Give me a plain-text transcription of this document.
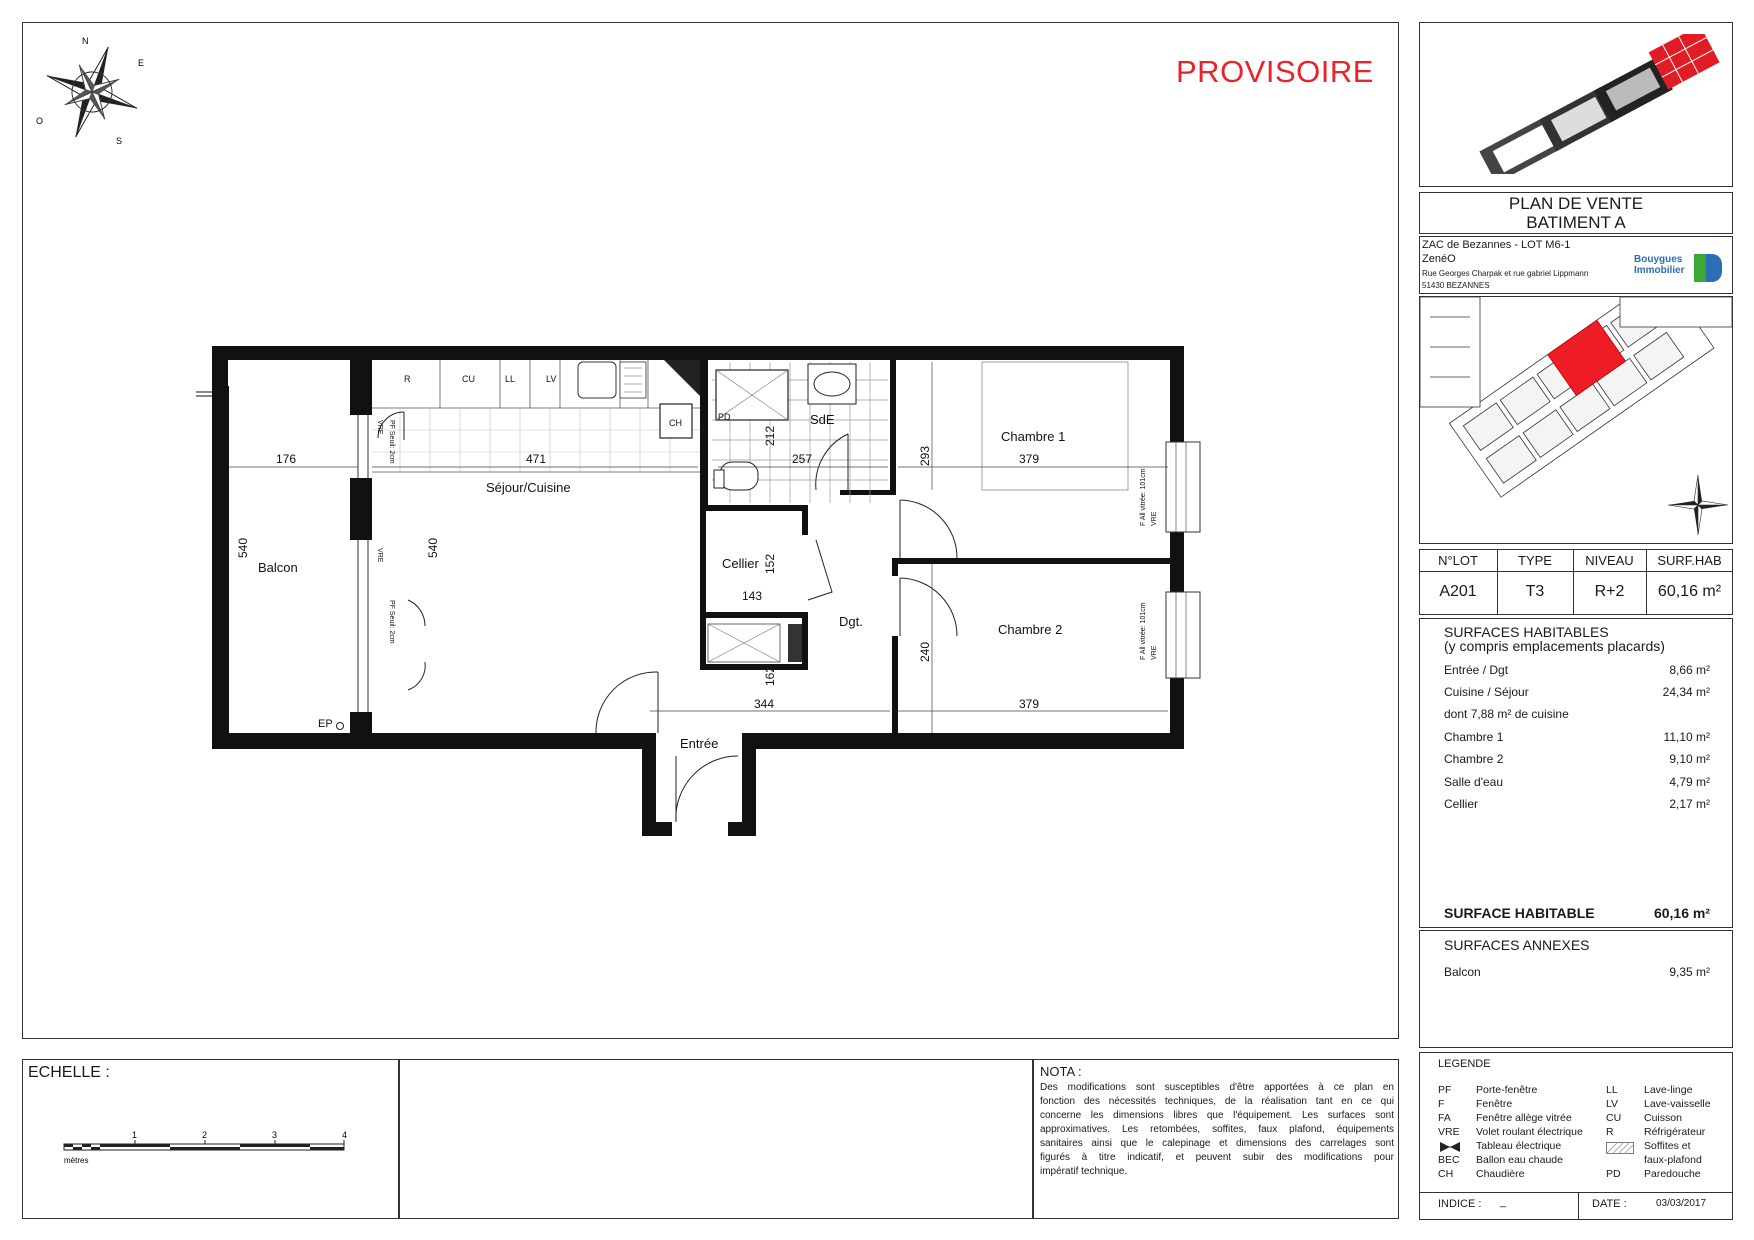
PROVISOIRE
N
E
S
O
Séjour/Cuisine
Balcon
SdE
Chambre 1
Chambre 2
Cellier
Dgt.
Entrée
176	471	257	379
344	379
143
540	540
212
293
152
240
162
R	CU	LL	LV
CH
PD
EP
VRE PF Seuil: 2cm
VRE
PF Seuil: 2cm
F All vitrée: 101cm VRE
F All vitrée: 101cm VRE
PLAN DE VENTE
BATIMENT A
ZAC de Bezannes - LOT M6-1
ZenéO
Rue Georges Charpak et rue gabriel Lippmann
51430 BEZANNES
Bouygues
Immobilier
N°LOT	TYPE	NIVEAU	SURF.HAB
A201	T3	R+2	60,16 m²
SURFACES HABITABLES
(y compris emplacements placards)
Entrée / Dgt	8,66 m²
Cuisine / Séjour	24,34 m²
dont 7,88 m² de cuisine
Chambre 1	11,10 m²
Chambre 2	9,10 m²
Salle d'eau	4,79 m²
Cellier	2,17 m²
SURFACE HABITABLE	60,16 m²
SURFACES ANNEXES
Balcon	9,35 m²
LEGENDE
PF Porte-fenêtre
F	Fenêtre
FA Fenêtre allège vitrée
VRE Volet roulant électrique
Tableau électrique
BEC Ballon eau chaude
CH Chaudière
LL	Lave-linge
LV Lave-vaisselle
CU Cuisson
R	Réfrigérateur
Soffites et
faux-plafond
PD Paredouche
INDICE : _	DATE :	03/03/2017
ECHELLE :
1	2	3	4
mètres
NOTA :
Des modifications sont susceptibles d'être apportées à ce plan en
fonction des nécessités techniques, de la réalisation tant en ce qui
concerne les dimensions libres que l'équipement. Les surfaces sont
approximatives. Les retombées, soffites, faux plafond, équipements
sanitaires ainsi que le calepinage et dimensions des carrelages sont
figurés à titre indicatif, et peuvent subir des modifications pour
impératif technique.
